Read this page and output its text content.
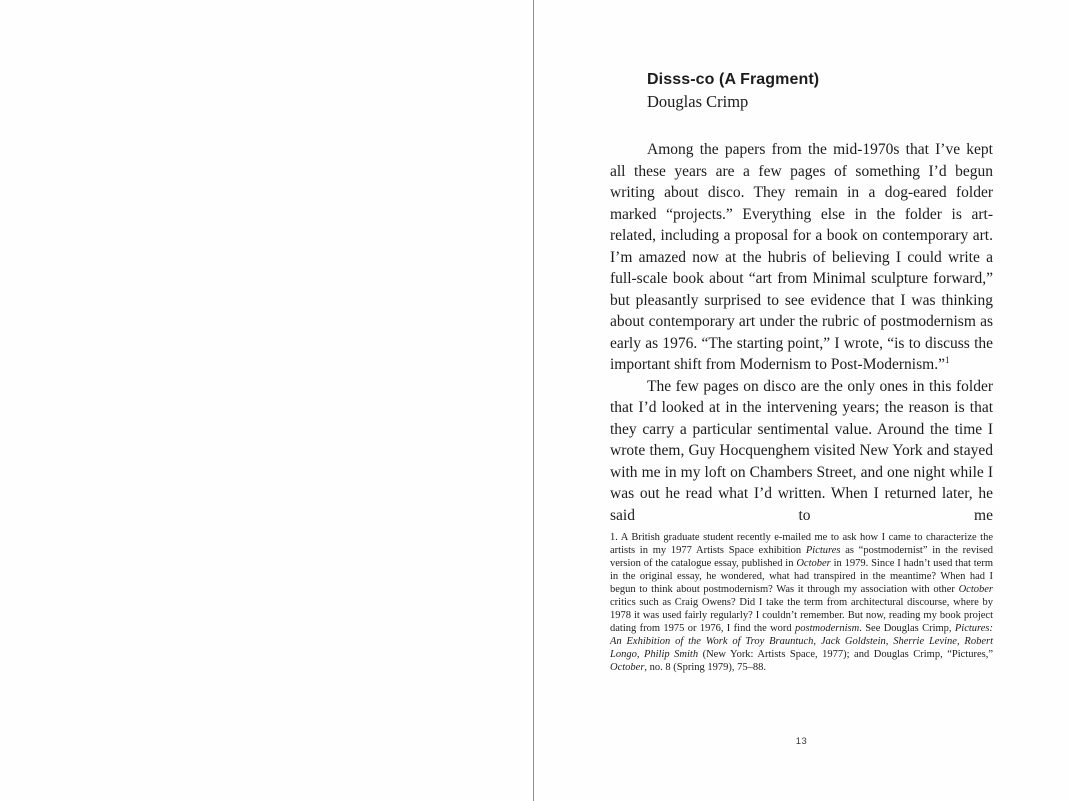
Disss-co (A Fragment)
Douglas Crimp

Among the papers from the mid-1970s that I’ve kept all these years are a few pages of something I’d begun writing about disco. They remain in a dog-eared folder marked “projects.” Everything else in the folder is art-related, including a proposal for a book on contemporary art. I’m amazed now at the hubris of believing I could write a full-scale book about “art from Minimal sculpture forward,” but pleasantly surprised to see evidence that I was thinking about contemporary art under the rubric of postmodernism as early as 1976. “The starting point,” I wrote, “is to discuss the important shift from Modernism to Post-Modernism.”$^1$

The few pages on disco are the only ones in this folder that I’d looked at in the intervening years; the reason is that they carry a particular sentimental value. Around the time I wrote them, Guy Hocquenghem visited New York and stayed with me in my loft on Chambers Street, and one night while I was out he read what I’d written. When I returned later, he said to me

1. A British graduate student recently e-mailed me to ask how I came to characterize the artists in my 1977 Artists Space exhibition Pictures as “postmodernist” in the revised version of the catalogue essay, published in October in 1979. Since I hadn’t used that term in the original essay, he wondered, what had transpired in the meantime? When had I begun to think about postmodernism? Was it through my association with other October critics such as Craig Owens? Did I take the term from architectural discourse, where by 1978 it was used fairly regularly? I couldn’t remember. But now, reading my book project dating from 1975 or 1976, I find the word postmodernism. See Douglas Crimp, Pictures: An Exhibition of the Work of Troy Brauntuch, Jack Goldstein, Sherrie Levine, Robert Longo, Philip Smith (New York: Artists Space, 1977); and Douglas Crimp, “Pictures,” October, no. 8 (Spring 1979), 75–88.
13
